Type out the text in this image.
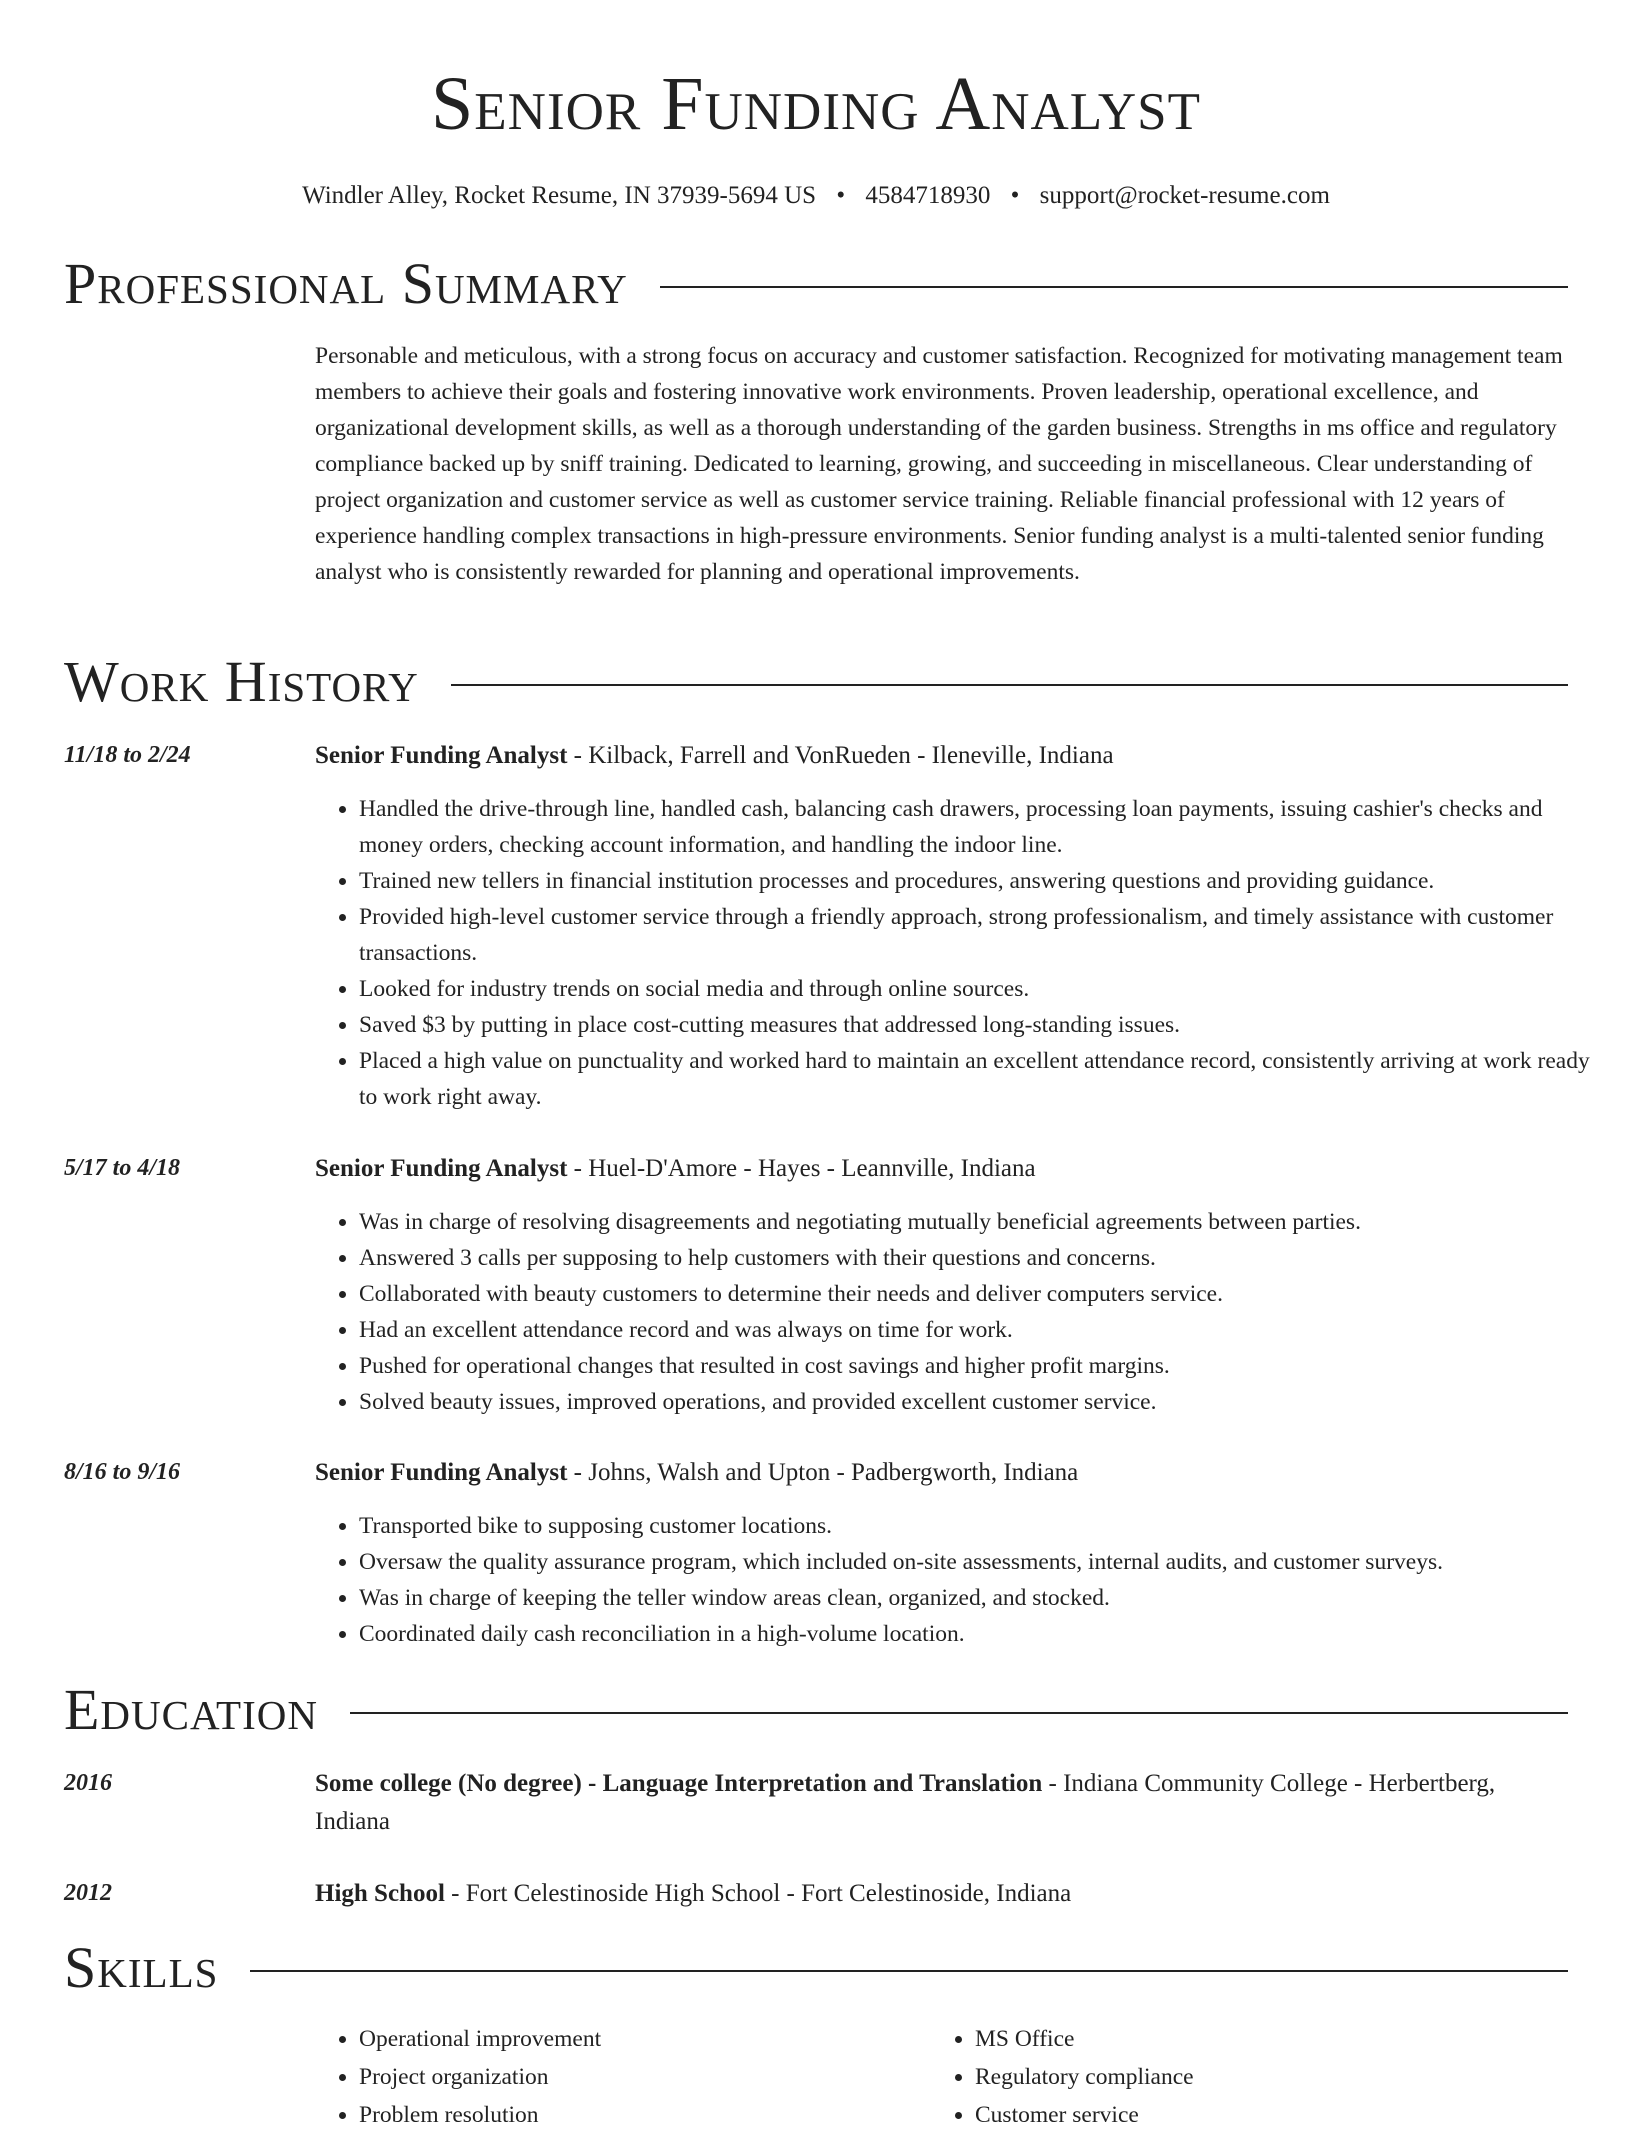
Senior Funding Analyst
Windler Alley, Rocket Resume, IN 37939-5694 US • 4584718930 • support@rocket-resume.com
Professional Summary
Personable and meticulous, with a strong focus on accuracy and customer satisfaction. Recognized for motivating management team members to achieve their goals and fostering innovative work environments. Proven leadership, operational excellence, and organizational development skills, as well as a thorough understanding of the garden business. Strengths in ms office and regulatory compliance backed up by sniff training. Dedicated to learning, growing, and succeeding in miscellaneous. Clear understanding of project organization and customer service as well as customer service training. Reliable financial professional with 12 years of experience handling complex transactions in high-pressure environments. Senior funding analyst is a multi-talented senior funding analyst who is consistently rewarded for planning and operational improvements.
Work History
11/18 to 2/24	Senior Funding Analyst - Kilback, Farrell and VonRueden - Ileneville, Indiana
• Handled the drive-through line, handled cash, balancing cash drawers, processing loan payments, issuing cashier's checks and money orders, checking account information, and handling the indoor line.
• Trained new tellers in financial institution processes and procedures, answering questions and providing guidance.
• Provided high-level customer service through a friendly approach, strong professionalism, and timely assistance with customer transactions.
• Looked for industry trends on social media and through online sources.
• Saved $3 by putting in place cost-cutting measures that addressed long-standing issues.
• Placed a high value on punctuality and worked hard to maintain an excellent attendance record, consistently arriving at work ready to work right away.
5/17 to 4/18	Senior Funding Analyst - Huel-D'Amore - Hayes - Leannville, Indiana
• Was in charge of resolving disagreements and negotiating mutually beneficial agreements between parties.
• Answered 3 calls per supposing to help customers with their questions and concerns.
• Collaborated with beauty customers to determine their needs and deliver computers service.
• Had an excellent attendance record and was always on time for work.
• Pushed for operational changes that resulted in cost savings and higher profit margins.
• Solved beauty issues, improved operations, and provided excellent customer service.
8/16 to 9/16	Senior Funding Analyst - Johns, Walsh and Upton - Padbergworth, Indiana
• Transported bike to supposing customer locations.
• Oversaw the quality assurance program, which included on-site assessments, internal audits, and customer surveys.
• Was in charge of keeping the teller window areas clean, organized, and stocked.
• Coordinated daily cash reconciliation in a high-volume location.
Education
2016	Some college (No degree) - Language Interpretation and Translation - Indiana Community College - Herbertberg, Indiana
2012	High School - Fort Celestinoside High School - Fort Celestinoside, Indiana
Skills
• Operational improvement
• Project organization
• Problem resolution
• MS Office
• Regulatory compliance
• Customer service
